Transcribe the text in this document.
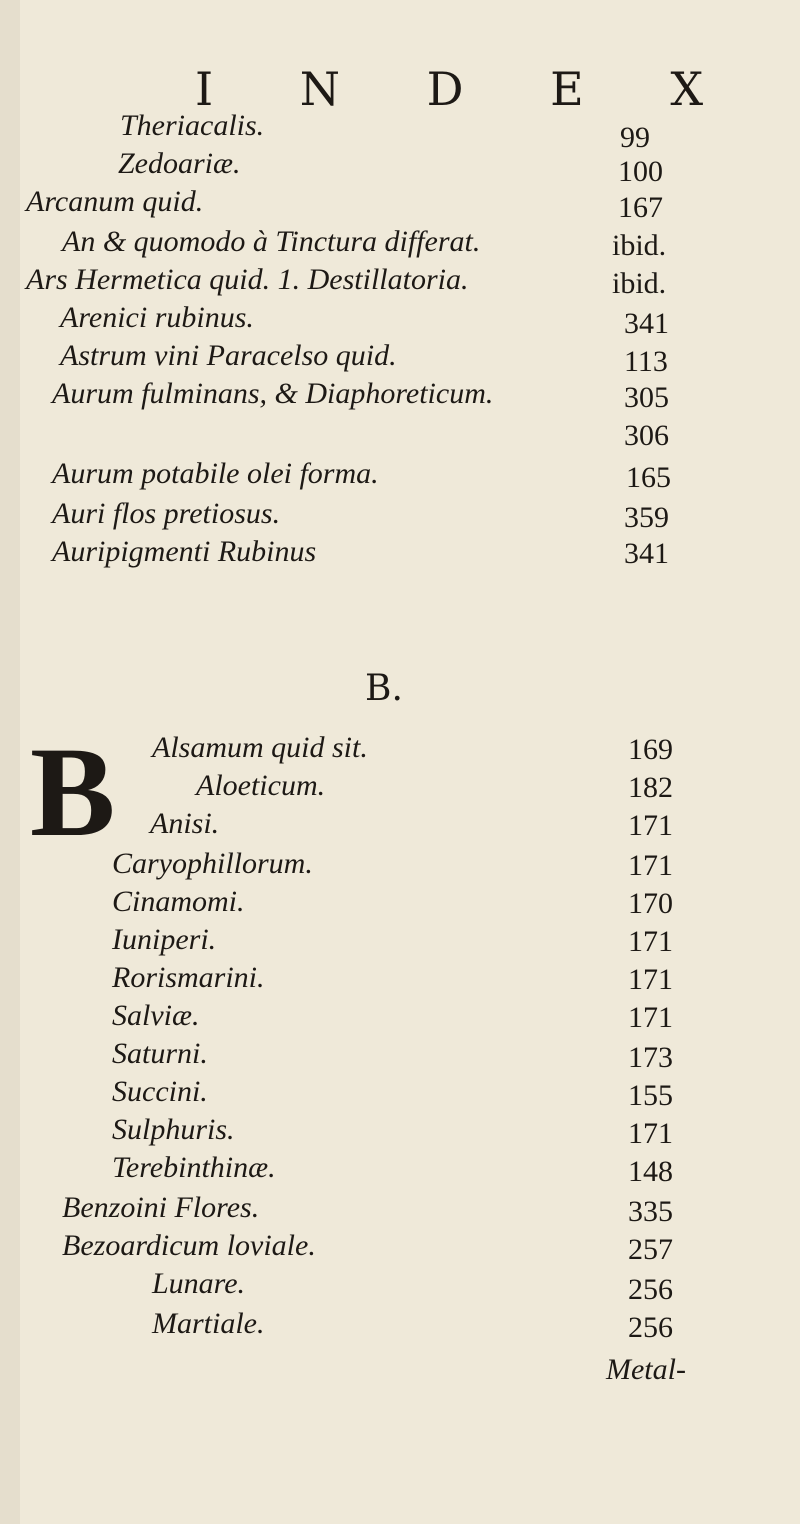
I N D E X
Theriacalis.	99
Zedoariæ.	100
Arcanum quid.	167
An & quomodo à Tinctura differat.	ibid.
Ars Hermetica quid. 1. Destillatoria.	ibid.
Arenici rubinus.	341
Astrum vini Paracelso quid.	113
Aurum fulminans, & Diaphoreticum.	305
306
Aurum potabile olei forma.	165
Auri flos pretiosus.	359
Auripigmenti Rubinus	341
B.
B Alsamum quid sit.	169
Aloeticum.	182
Anisi.	171
Caryophillorum.	171
Cinamomi.	170
Iuniperi.	171
Rorismarini.	171
Salviæ.	171
Saturni.	173
Succini.	155
Sulphuris.	171
Terebinthinæ.	148
Benzoini Flores.	335
Bezoardicum loviale.	257
Lunare.	256
Martiale.	256
Metal-
